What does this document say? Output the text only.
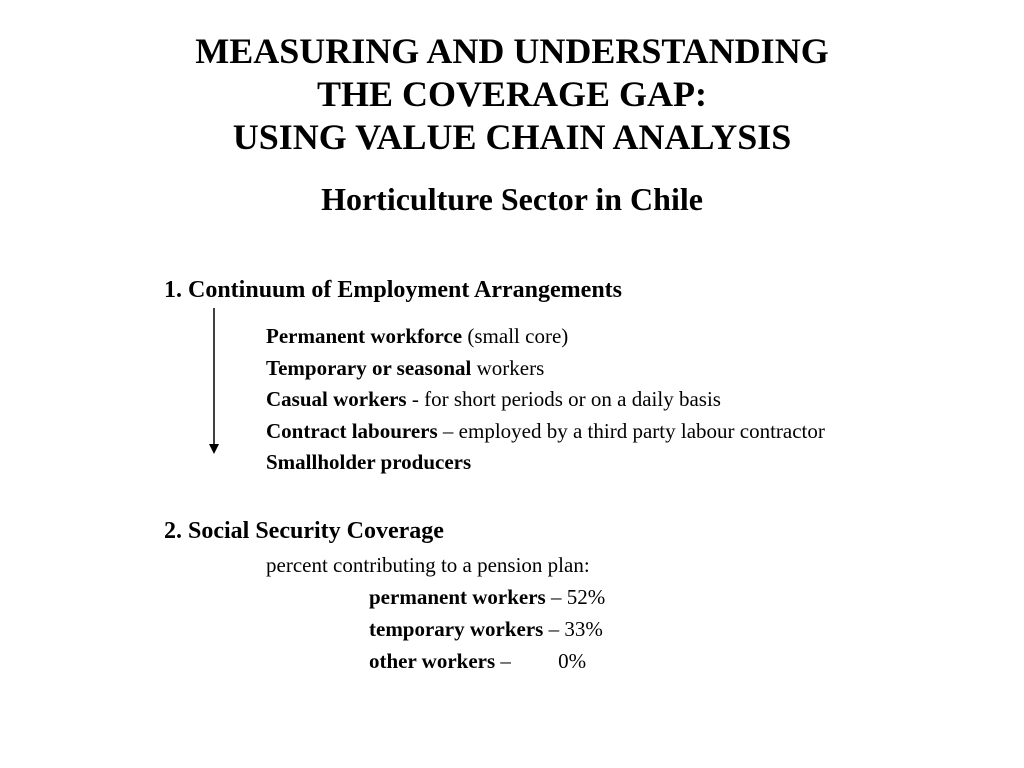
MEASURING AND UNDERSTANDING
THE COVERAGE GAP:
USING VALUE CHAIN ANALYSIS
Horticulture Sector in Chile
1. Continuum of Employment Arrangements
Permanent workforce (small core)
Temporary or seasonal workers
Casual workers - for short periods or on a daily basis
Contract labourers – employed by a third party labour contractor
Smallholder producers
2. Social Security Coverage
percent contributing to a pension plan:
permanent workers – 52%
temporary workers – 33%
other workers – 0%
